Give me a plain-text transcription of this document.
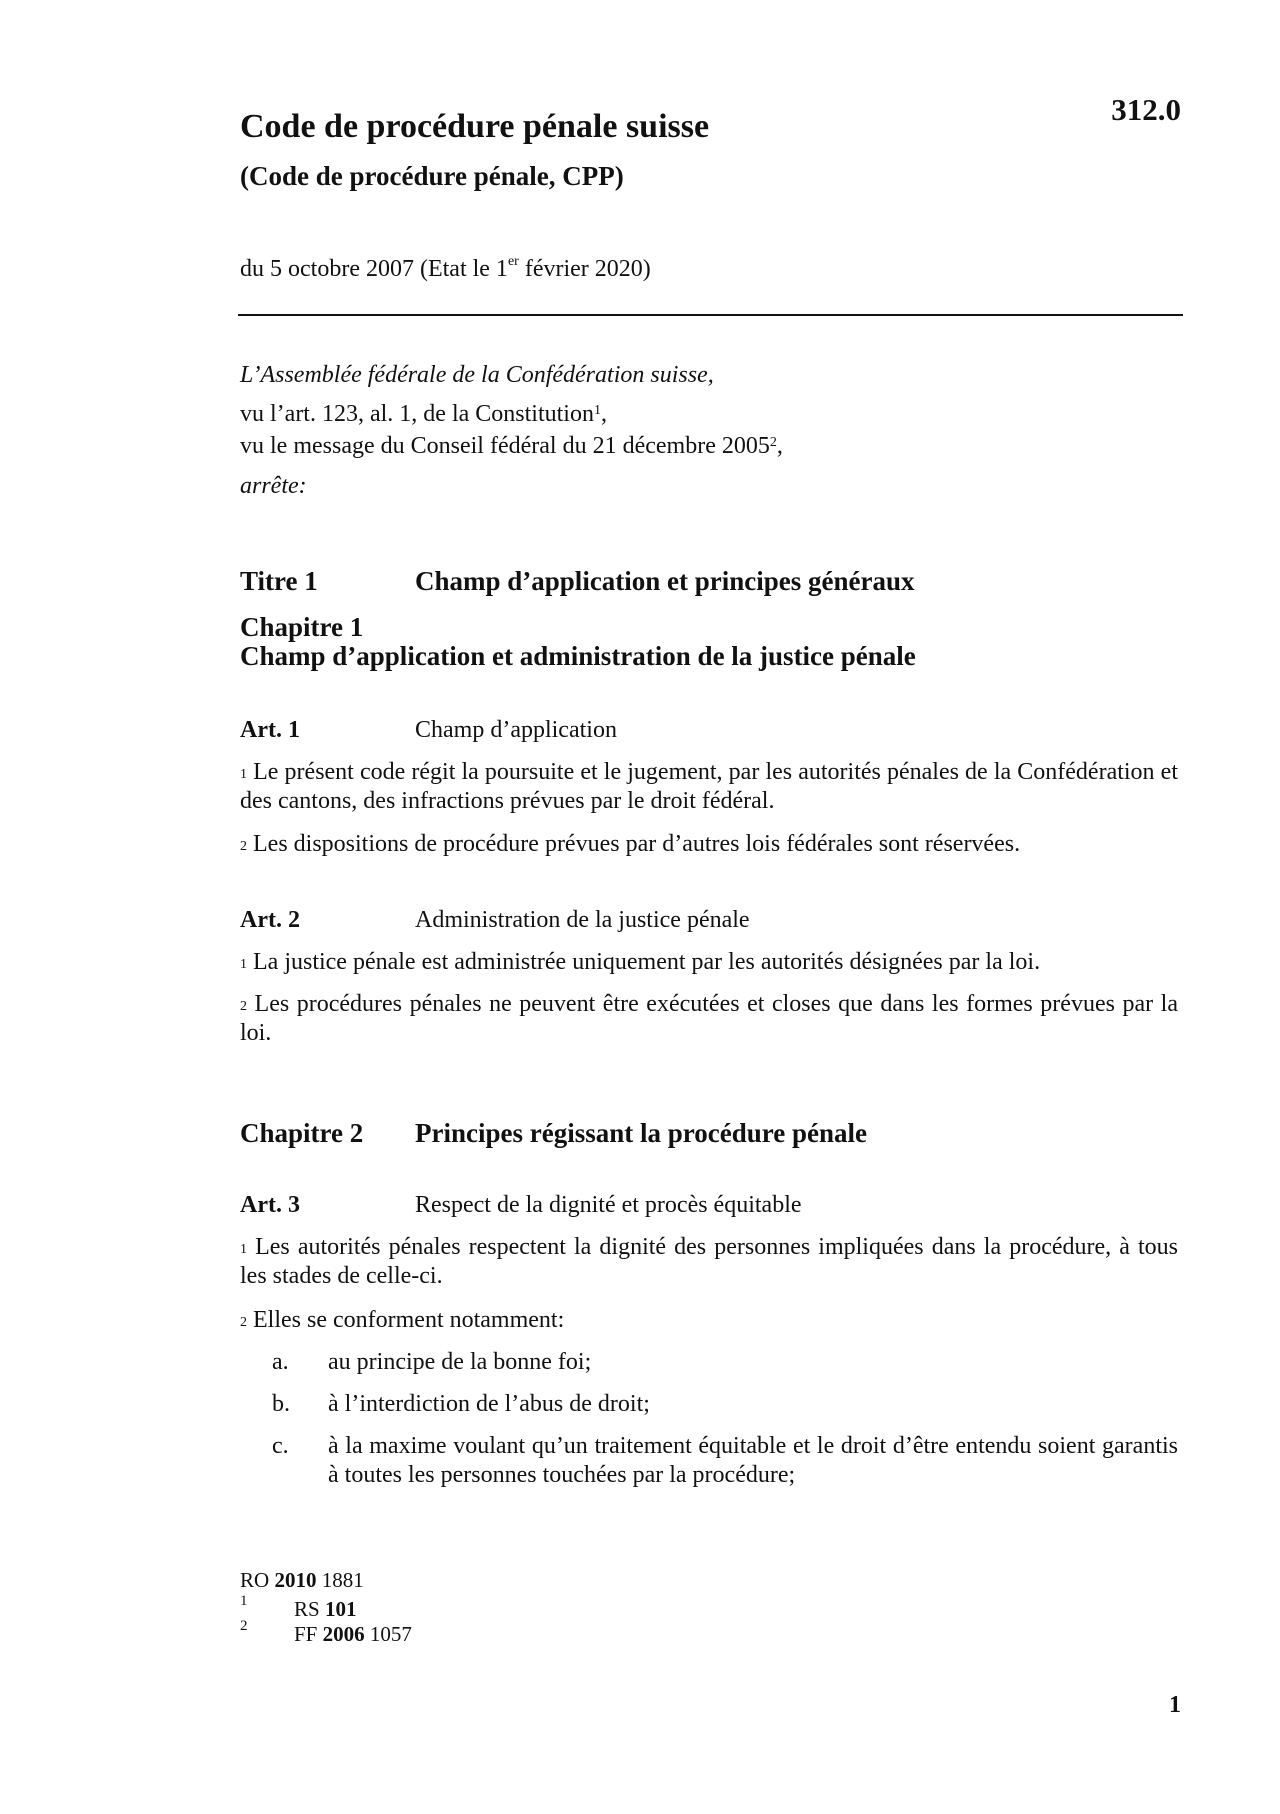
312.0
Code de procédure pénale suisse
(Code de procédure pénale, CPP)
du 5 octobre 2007 (Etat le 1er février 2020)
L’Assemblée fédérale de la Confédération suisse,
vu l’art. 123, al. 1, de la Constitution$^1$,
vu le message du Conseil fédéral du 21 décembre 2005$^2$,
arrête:
Titre 1	Champ d’application et principes généraux
Chapitre 1
Champ d’application et administration de la justice pénale
Art. 1	Champ d’application
$^1$ Le présent code régit la poursuite et le jugement, par les autorités pénales de la Confédération et des cantons, des infractions prévues par le droit fédéral.
$^2$ Les dispositions de procédure prévues par d’autres lois fédérales sont réservées.
Art. 2	Administration de la justice pénale
$^1$ La justice pénale est administrée uniquement par les autorités désignées par la loi.
$^2$ Les procédures pénales ne peuvent être exécutées et closes que dans les formes prévues par la loi.
Chapitre 2 Principes régissant la procédure pénale
Art. 3	Respect de la dignité et procès équitable
$^1$ Les autorités pénales respectent la dignité des personnes impliquées dans la procédure, à tous les stades de celle-ci.
$^2$ Elles se conforment notamment:
a. au principe de la bonne foi;
b. à l’interdiction de l’abus de droit;
c. à la maxime voulant qu’un traitement équitable et le droit d’être entendu soient garantis à toutes les personnes touchées par la procédure;
RO 2010 1881
1 RS 101
2 FF 2006 1057
1
